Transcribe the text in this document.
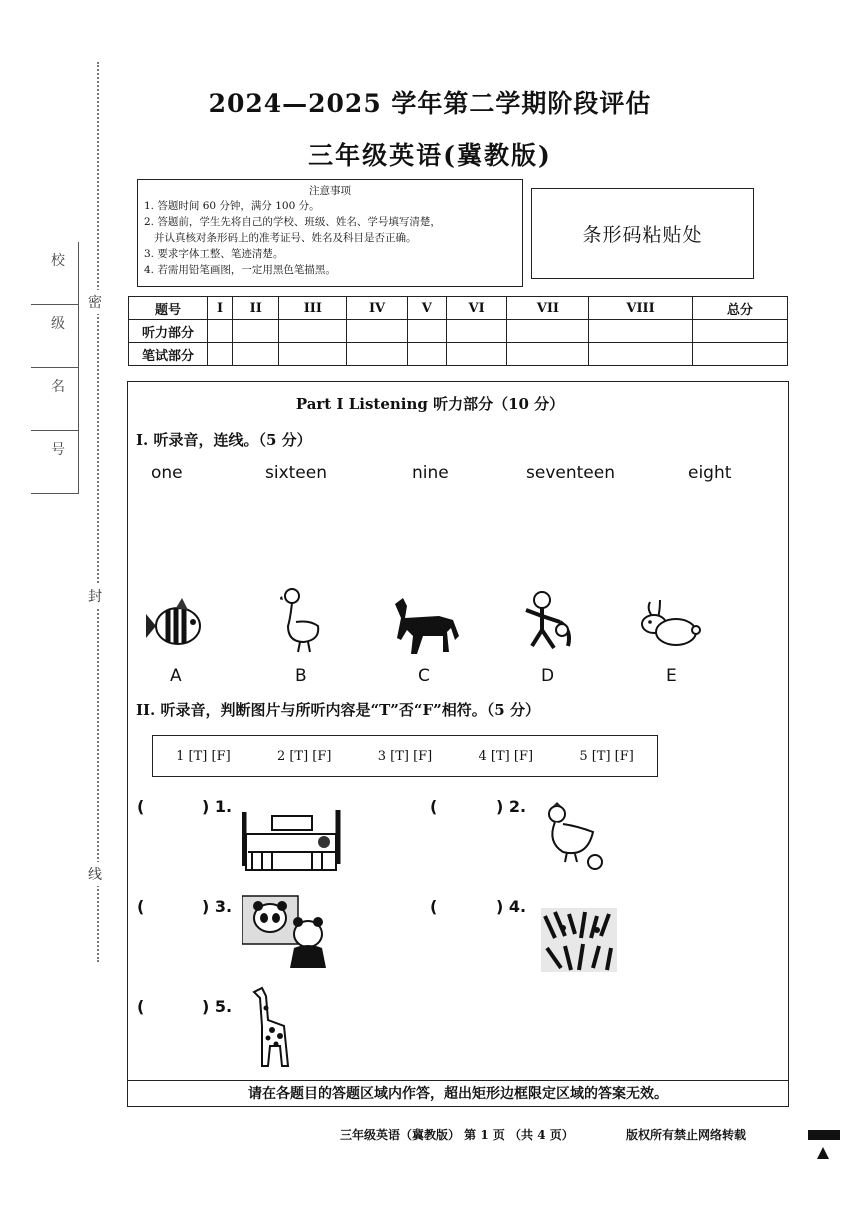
密
封
线
校
级
名
号
2024—2025 学年第二学期阶段评估
三年级英语(冀教版)
注意事项
1. 答题时间 60 分钟，满分 100 分。
2. 答题前，学生先将自己的学校、班级、姓名、学号填写清楚，
并认真核对条形码上的准考证号、姓名及科目是否正确。
3. 要求字体工整、笔迹清楚。
4. 若需用铅笔画图，一定用黑色笔描黑。
条形码粘贴处
题号	I	II	III	IV	V	VI	VII	VIII	总分
听力部分									
笔试部分									
Part I Listening 听力部分（10 分）
I. 听录音，连线。（5 分）
one	sixteen	nine	seventeen	eight
A	B	C	D	E
II. 听录音，判断图片与所听内容是“T”否“F”相符。（5 分）
1 [T] [F]	2 [T] [F]	3 [T] [F]	4 [T] [F]	5 [T] [F]
(	) 1.	(	) 2.
(	) 3.	(	) 4.
(	) 5.
请在各题目的答题区域内作答，超出矩形边框限定区域的答案无效。
三年级英语（冀教版） 第 1 页 （共 4 页）	版权所有禁止网络转载
